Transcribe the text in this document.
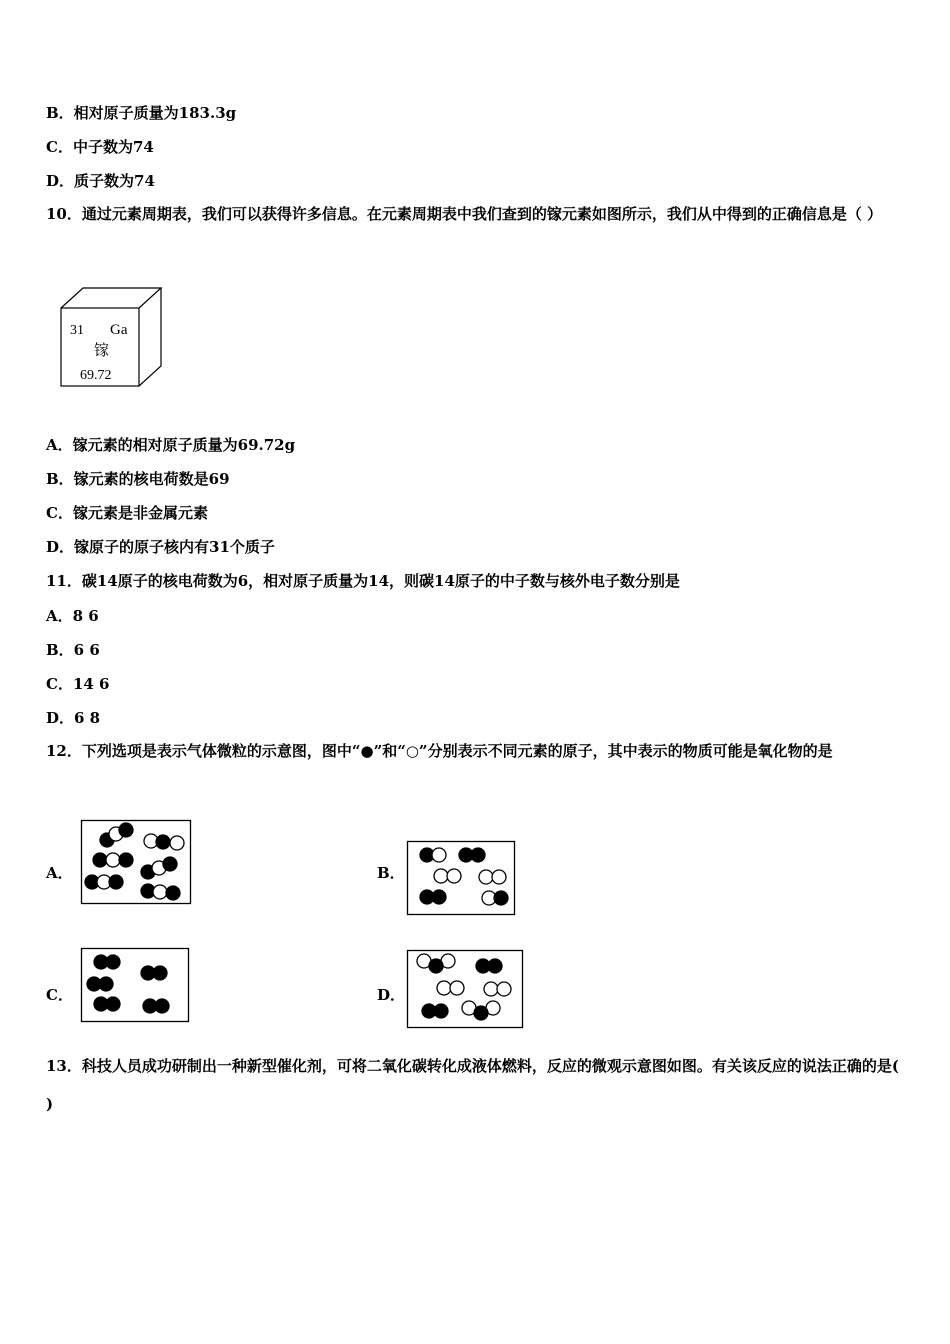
B．相对原子质量为183.3g
C．中子数为74
D．质子数为74
10．通过元素周期表，我们可以获得许多信息。在元素周期表中我们查到的镓元素如图所示，我们从中得到的正确信息是（ ）
31 Ga
镓
69.72
A．镓元素的相对原子质量为69.72g
B．镓元素的核电荷数是69
C．镓元素是非金属元素
D．镓原子的原子核内有31个质子
11．碳14原子的核电荷数为6，相对原子质量为14，则碳14原子的中子数与核外电子数分别是
A．8 6
B．6 6
C．14 6
D．6 8
12．下列选项是表示气体微粒的示意图，图中“●”和“○”分别表示不同元素的原子，其中表示的物质可能是氧化物的是
A．	B．
C．	D．
13．科技人员成功研制出一种新型催化剂，可将二氧化碳转化成液体燃料，反应的微观示意图如图。有关该反应的说法正确的是( )
